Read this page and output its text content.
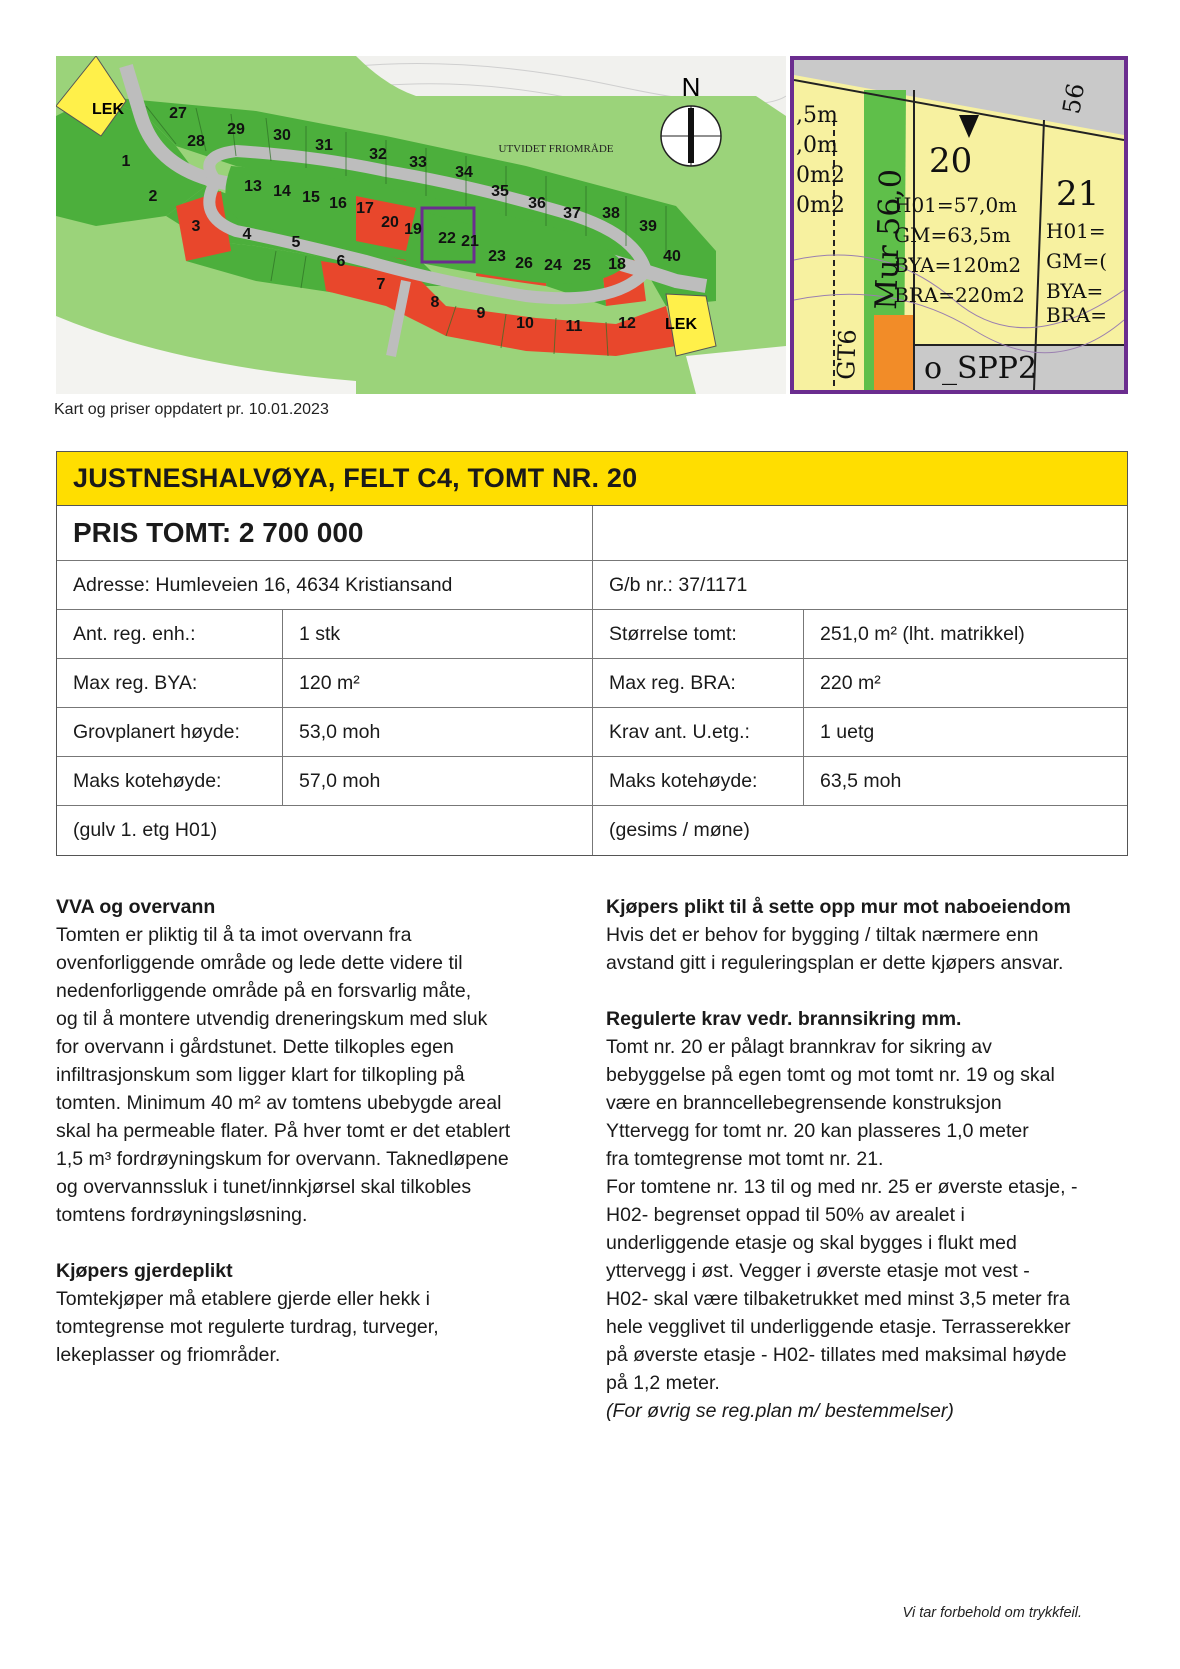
N
UTVIDET FRIOMRÅDE
LEK
LEK
1
2
3	4	5
13 14 15 16 17
20 19
22 21
23 26 24 25 18
6
7
8
9
10 11 12
27
28
29 30
31
32 33
34
35
36
37 38
39
40
,5m
,0m
0m2
0m2
20
21
H01=57,0m
GM=63,5m
BYA=120m2
BRA=220m2
H01=
GM=(
BYA=
BRA=
Mur 56,0
GT6 o_SPP2
56
Kart og priser oppdatert pr. 10.01.2023
JUSTNESHALVØYA, FELT C4, TOMT NR. 20
PRIS TOMT: 2 700 000
Adresse: Humleveien 16, 4634 Kristiansand	G/b nr.: 37/1171
Ant. reg. enh.:	1 stk	Størrelse tomt:	251,0 m² (lht. matrikkel)
Max reg. BYA:	120 m²	Max reg. BRA:	220 m²
Grovplanert høyde:	53,0 moh	Krav ant. U.etg.:	1 uetg
Maks kotehøyde:	57,0 moh	Maks kotehøyde:	63,5 moh
(gulv 1. etg H01)	(gesims / møne)
VVA og overvann

Tomten er pliktig til å ta imot overvann fra

ovenforliggende område og lede dette videre til

nedenforliggende område på en forsvarlig måte,

og til å montere utvendig dreneringskum med sluk

for overvann i gårdstunet. Dette tilkoples egen

infiltrasjonskum som ligger klart for tilkopling på

tomten. Minimum 40 m² av tomtens ubebygde areal

skal ha permeable flater. På hver tomt er det etablert

1,5 m³ fordrøyningskum for overvann. Taknedløpene

og overvannssluk i tunet/innkjørsel skal tilkobles

tomtens fordrøyningsløsning.

Kjøpers gjerdeplikt

Tomtekjøper må etablere gjerde eller hekk i

tomtegrense mot regulerte turdrag, turveger,

lekeplasser og friområder.

Kjøpers plikt til å sette opp mur mot naboeiendom

Hvis det er behov for bygging / tiltak nærmere enn

avstand gitt i reguleringsplan er dette kjøpers ansvar.

Regulerte krav vedr. brannsikring mm.

Tomt nr. 20 er pålagt brannkrav for sikring av

bebyggelse på egen tomt og mot tomt nr. 19 og skal

være en branncellebegrensende konstruksjon

Yttervegg for tomt nr. 20 kan plasseres 1,0 meter

fra tomtegrense mot tomt nr. 21.

For tomtene nr. 13 til og med nr. 25 er øverste etasje, -

H02- begrenset oppad til 50% av arealet i

underliggende etasje og skal bygges i flukt med

yttervegg i øst. Vegger i øverste etasje mot vest -

H02- skal være tilbaketrukket med minst 3,5 meter fra

hele vegglivet til underliggende etasje. Terrasserekker

på øverste etasje - H02- tillates med maksimal høyde

på 1,2 meter.

(For øvrig se reg.plan m/ bestemmelser)

Vi tar forbehold om trykkfeil.
